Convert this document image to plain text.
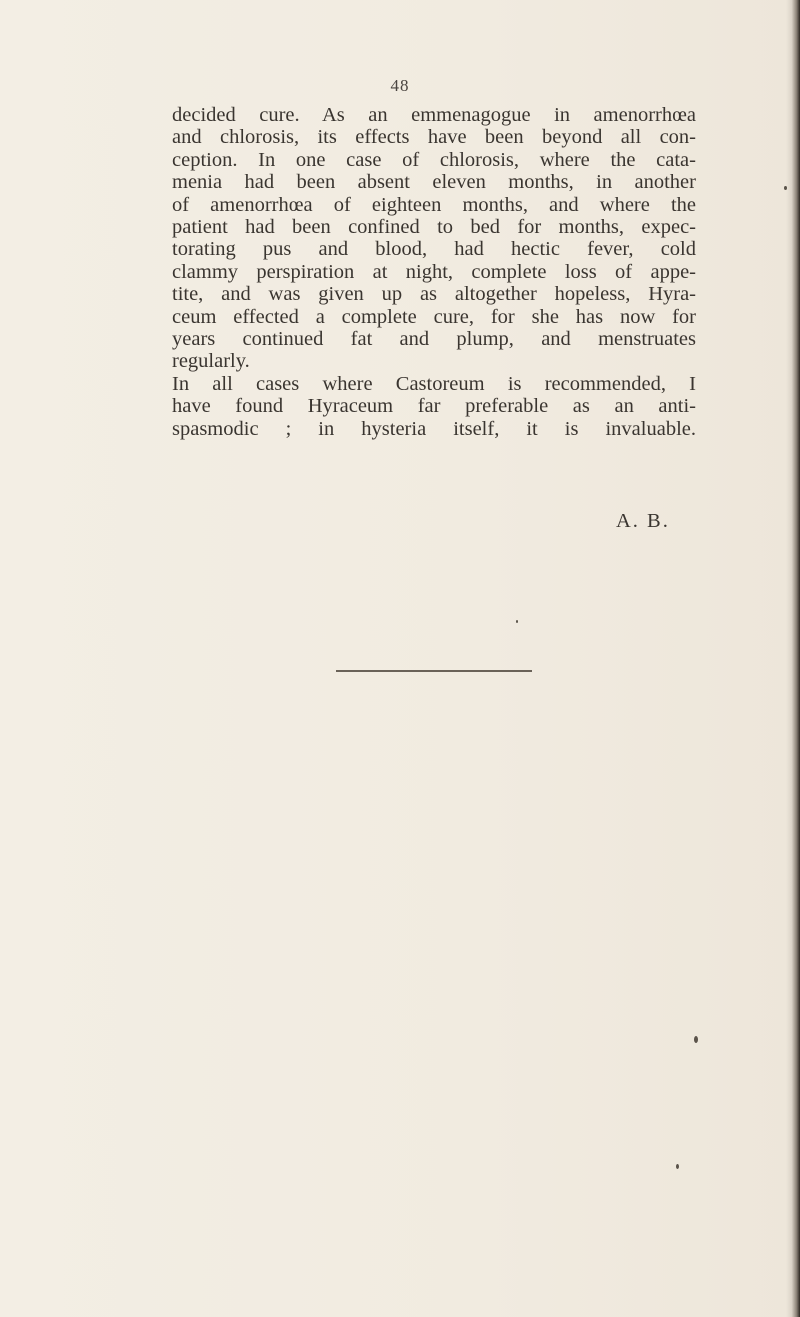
48
decided cure. As an emmenagogue in amenorrhœa
and chlorosis, its effects have been beyond all con-
ception. In one case of chlorosis, where the cata-
menia had been absent eleven months, in another
of amenorrhœa of eighteen months, and where the
patient had been confined to bed for months, expec-
torating pus and blood, had hectic fever, cold
clammy perspiration at night, complete loss of appe-
tite, and was given up as altogether hopeless, Hyra-
ceum effected a complete cure, for she has now for
years continued fat and plump, and menstruates
regularly.
In all cases where Castoreum is recommended, I
have found Hyraceum far preferable as an anti-
spasmodic ; in hysteria itself, it is invaluable.
A. B.
